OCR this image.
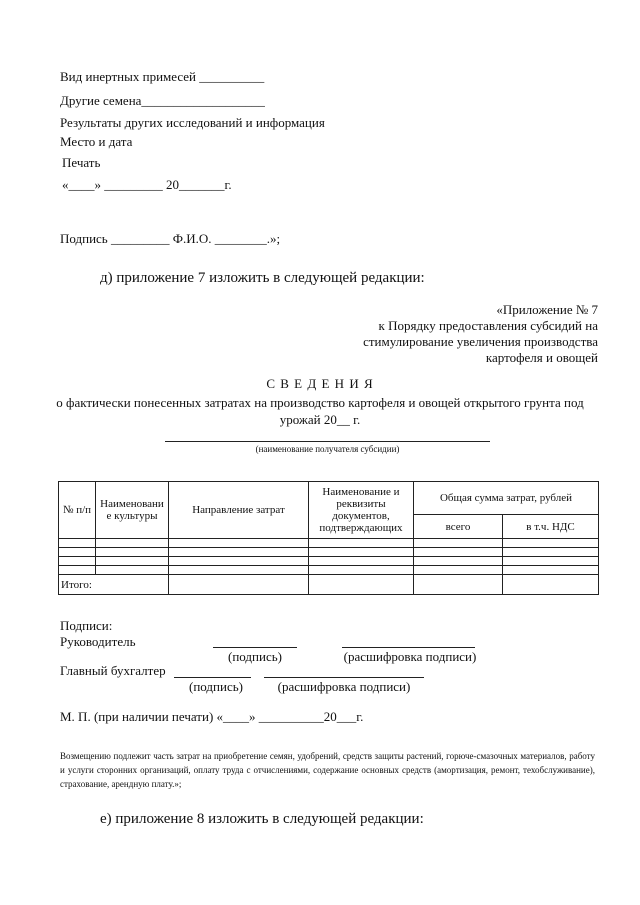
Вид инертных примесей __________
Другие семена___________________
Результаты других исследований и информация
Место и дата
Печать
«____» _________ 20_______г.
Подпись _________ Ф.И.О. ________.»;
д) приложение 7 изложить в следующей редакции:
«Приложение № 7
к Порядку предоставления субсидий на
стимулирование увеличения производства
картофеля и овощей
С В Е Д Е Н И Я
о фактически понесенных затратах на производство картофеля и овощей открытого грунта под
урожай 20__ г.
(наименование получателя субсидии)
№ п/п	Наименовани е культуры	Направление затрат	Наименование и реквизиты документов, подтверждающих	Общая сумма затрат, рублей	
				всего	в т.ч. НДС

Итого:					
Подписи:
Руководитель
(подпись)	(расшифровка подписи)
Главный бухгалтер
(подпись)	(расшифровка подписи)
М. П. (при наличии печати) «____» __________20___г.
Возмещению подлежит часть затрат на приобретение семян, удобрений, средств защиты растений, горюче-смазочных материалов, работу и услуги сторонних организаций, оплату труда с отчислениями, содержание основных средств (амортизация, ремонт, техобслуживание), страхование, арендную плату.»;
е) приложение 8 изложить в следующей редакции:
